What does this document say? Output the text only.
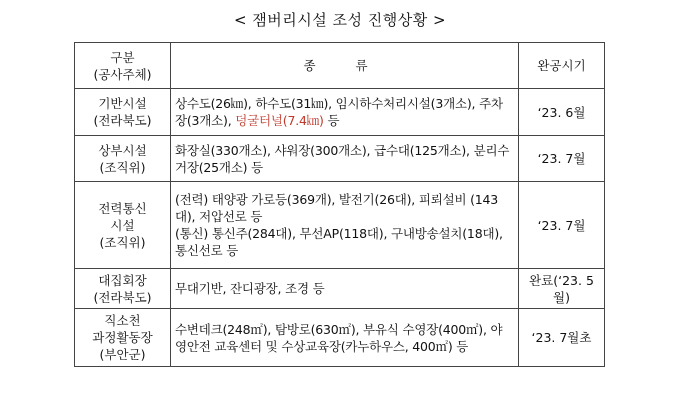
< 잼버리시설 조성 진행상황 >
구분
(공사주체)	종 류	완공시기

기반시설
(전라북도)	상수도(26㎞), 하수도(31㎞), 임시하수처리시설(3개소), 주차장(3개소), 덩굴터널(7.4㎞) 등	‘23. 6월

상부시설
(조직위)	화장실(330개소), 샤워장(300개소), 급수대(125개소), 분리수거장(25개소) 등	‘23. 7월

전력통신
시설
(조직위)	(전력) 태양광 가로등(369개), 발전기(26대), 피뢰설비 (143대), 저압선로 등
(통신) 통신주(284대), 무선AP(118대), 구내방송설치(18대), 통신선로 등	‘23. 7월

대집회장
(전라북도)	무대기반, 잔디광장, 조경 등	완료(‘23. 5월)

직소천
과정활동장
(부안군)	수변데크(248㎡), 탐방로(630㎡), 부유식 수영장(400㎡), 야영안전 교육센터 및 수상교육장(카누하우스, 400㎡) 등	‘23. 7월초
